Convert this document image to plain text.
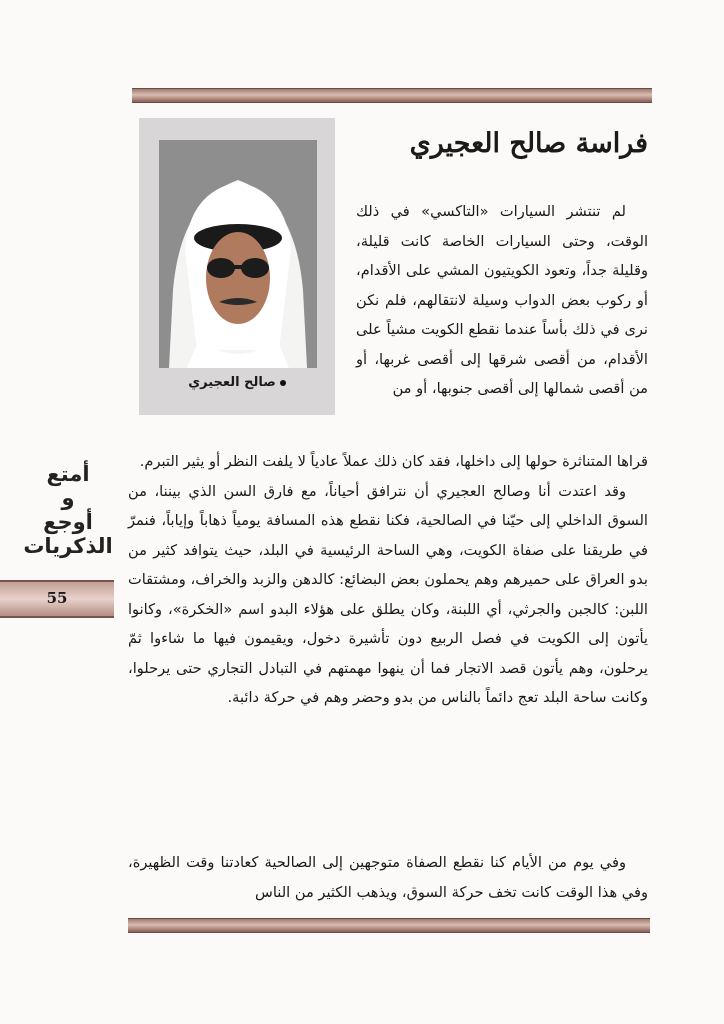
فراسة صالح العجيري
صالح العجيري

لم تنتشر السيارات «التاكسي» في ذلك الوقت، وحتى السيارات الخاصة كانت قليلة، وقليلة جداً، وتعود الكويتيون المشي على الأقدام، أو ركوب بعض الدواب وسيلة لانتقالهم، فلم نكن نرى في ذلك بأساً عندما نقطع الكويت مشياً على الأقدام، من أقصى شرقها إلى أقصى غربها، أو من أقصى شمالها إلى أقصى جنوبها، أو من

قراها المتناثرة حولها إلى داخلها، فقد كان ذلك عملاً عادياً لا يلفت النظر أو يثير التبرم.

وقد اعتدت أنا وصالح العجيري أن نترافق أحياناً، مع فارق السن الذي بيننا، من السوق الداخلي إلى حيّنا في الصالحية، فكنا نقطع هذه المسافة يومياً ذهاباً وإياباً، فنمرّ في طريقنا على صفاة الكويت، وهي الساحة الرئيسية في البلد، حيث يتوافد كثير من بدو العراق على حميرهم وهم يحملون بعض البضائع: كالدهن والزبد والخراف، ومشتقات اللبن: كالجبن والجرثي، أي اللبنة، وكان يطلق على هؤلاء البدو اسم «الخكرة»، وكانوا يأتون إلى الكويت في فصل الربيع دون تأشيرة دخول، ويقيمون فيها ما شاءوا ثمّ يرحلون، وهم يأتون قصد الاتجار فما أن ينهوا مهمتهم في التبادل التجاري حتى يرحلوا، وكانت ساحة البلد تعج دائماً بالناس من بدو وحضر وهم في حركة دائبة.

وفي يوم من الأيام كنا نقطع الصفاة متوجهين إلى الصالحية كعادتنا وقت الظهيرة، وفي هذا الوقت كانت تخف حركة السوق، ويذهب الكثير من الناس

أمتع
و
أوجع
الذكريات
55
